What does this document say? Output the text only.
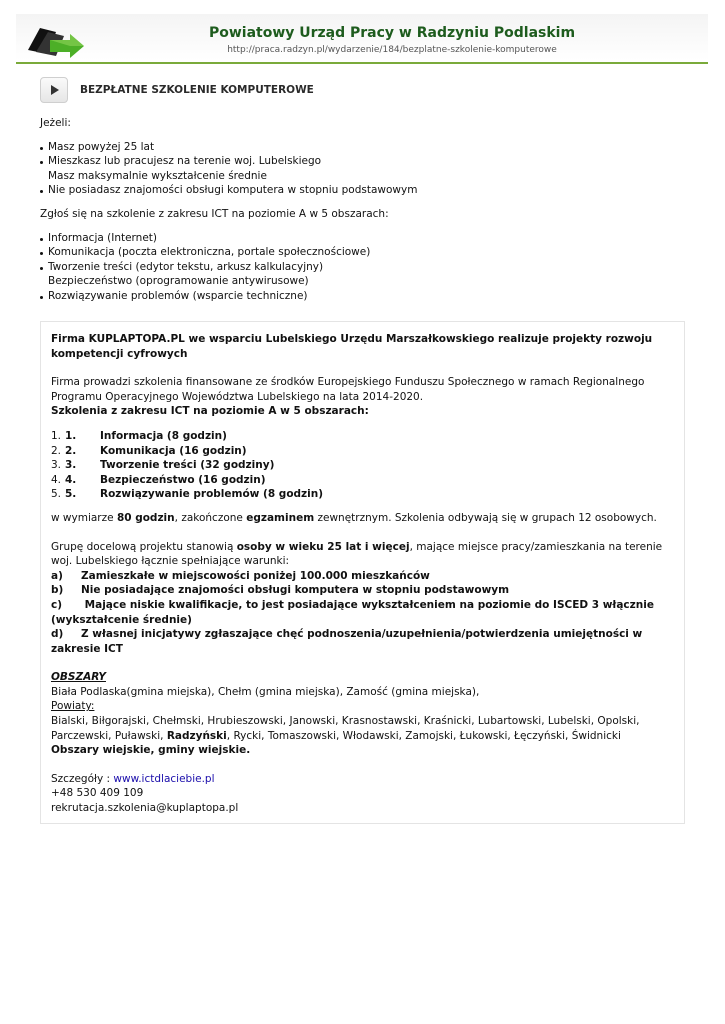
Powiatowy Urząd Pracy w Radzyniu Podlaskim
http://praca.radzyn.pl/wydarzenie/184/bezplatne-szkolenie-komputerowe
BEZPŁATNE SZKOLENIE KOMPUTEROWE

Jeżeli:

Masz powyżej 25 lat
Mieszkasz lub pracujesz na terenie woj. Lubelskiego
Masz maksymalnie wykształcenie średnie
Nie posiadasz znajomości obsługi komputera w stopniu podstawowym

Zgłoś się na szkolenie z zakresu ICT na poziomie A w 5 obszarach:

Informacja (Internet)
Komunikacja (poczta elektroniczna, portale społecznościowe)
Tworzenie treści (edytor tekstu, arkusz kalkulacyjny)
Bezpieczeństwo (oprogramowanie antywirusowe)
Rozwiązywanie problemów (wsparcie techniczne)

Firma KUPLAPTOPA.PL we wsparciu Lubelskiego Urzędu Marszałkowskiego realizuje projekty rozwoju kompetencji cyfrowych

Firma prowadzi szkolenia finansowane ze środków Europejskiego Funduszu Społecznego w ramach Regionalnego Programu Operacyjnego Województwa Lubelskiego na lata 2014-2020.

Szkolenia z zakresu ICT na poziomie A w 5 obszarach:

1. 1. Informacja (8 godzin)
2. 2. Komunikacja (16 godzin)
3. 3. Tworzenie treści (32 godziny)
4. 4. Bezpieczeństwo (16 godzin)
5. 5. Rozwiązywanie problemów (8 godzin)

w wymiarze 80 godzin, zakończone egzaminem zewnętrznym. Szkolenia odbywają się w grupach 12 osobowych.

Grupę docelową projektu stanowią osoby w wieku 25 lat i więcej, mające miejsce pracy/zamieszkania na terenie woj. Lubelskiego łącznie spełniające warunki:

a) Zamieszkałe w miejscowości poniżej 100.000 mieszkańców

b) Nie posiadające znajomości obsługi komputera w stopniu podstawowym

c) Mające niskie kwalifikacje, to jest posiadające wykształceniem na poziomie do ISCED 3 włącznie (wykształcenie średnie)

d) Z własnej inicjatywy zgłaszające chęć podnoszenia/uzupełnienia/potwierdzenia umiejętności w zakresie ICT

OBSZARY

Biała Podlaska(gmina miejska), Chełm (gmina miejska), Zamość (gmina miejska),

Powiaty:

Bialski, Biłgorajski, Chełmski, Hrubieszowski, Janowski, Krasnostawski, Kraśnicki, Lubartowski, Lubelski, Opolski, Parczewski, Puławski, Radzyński, Rycki, Tomaszowski, Włodawski, Zamojski, Łukowski, Łęczyński, Świdnicki

Obszary wiejskie, gminy wiejskie.

Szczegóły : www.ictdlaciebie.pl

+48 530 409 109

rekrutacja.szkolenia@kuplaptopa.pl
